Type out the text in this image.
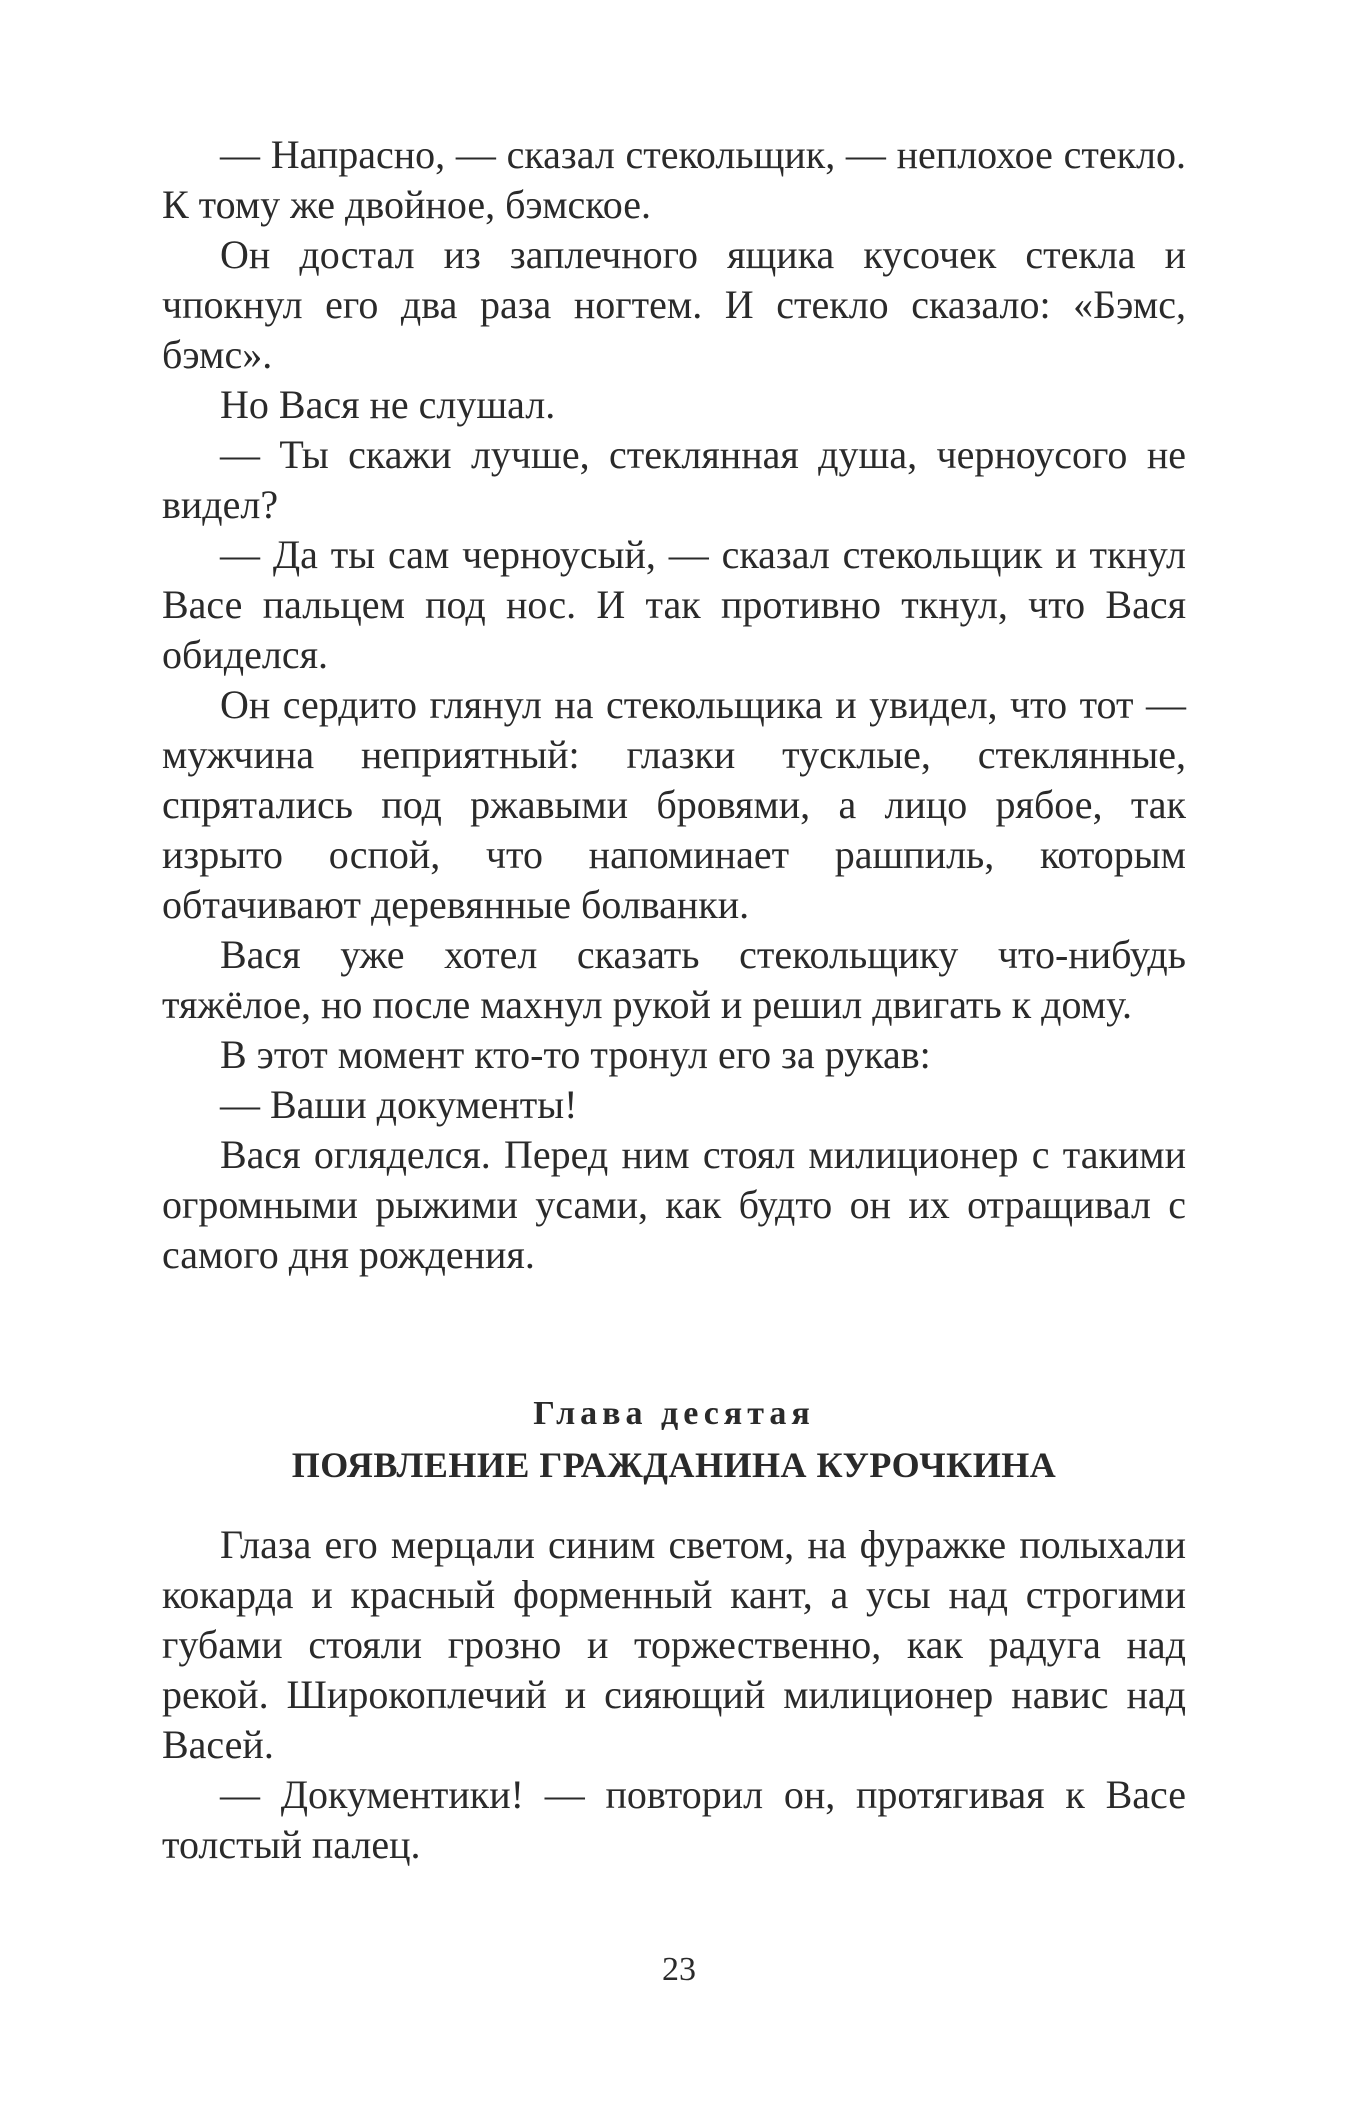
— Напрасно, — сказал стекольщик, — неплохое стекло. К тому же двойное, бэмское.

Он достал из заплечного ящика кусочек стекла и чпокнул его два раза ногтем. И стекло сказало: «Бэмс, бэмс».

Но Вася не слушал.

— Ты скажи лучше, стеклянная душа, черноусого не видел?

— Да ты сам черноусый, — сказал стекольщик и ткнул Васе пальцем под нос. И так противно ткнул, что Вася обиделся.

Он сердито глянул на стекольщика и увидел, что тот — мужчина неприятный: глазки тусклые, стеклянные, спрятались под ржавыми бровями, а лицо рябое, так изрыто оспой, что напоминает рашпиль, которым обтачивают деревянные болванки.

Вася уже хотел сказать стекольщику что-нибудь тяжёлое, но после махнул рукой и решил двигать к дому.

В этот момент кто-то тронул его за рукав:

— Ваши документы!

Вася огляделся. Перед ним стоял милиционер с такими огромными рыжими усами, как будто он их отращивал с самого дня рождения.

Глава десятая

ПОЯВЛЕНИЕ ГРАЖДАНИНА КУРОЧКИНА

Глаза его мерцали синим светом, на фуражке полыхали кокарда и красный форменный кант, а усы над строгими губами стояли грозно и торжественно, как радуга над рекой. Широкоплечий и сияющий милиционер навис над Васей.

— Документики! — повторил он, протягивая к Васе толстый палец.

23
